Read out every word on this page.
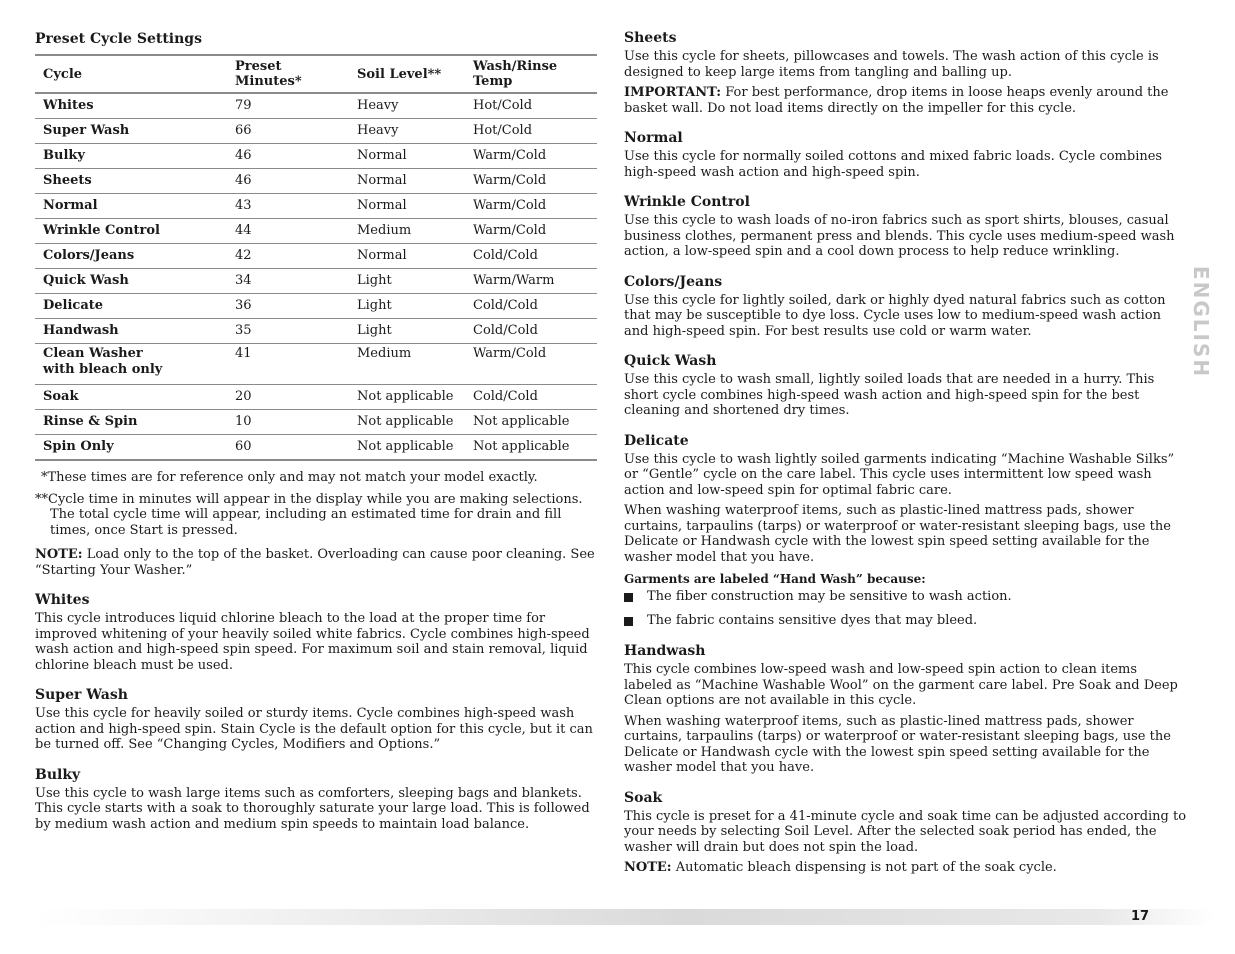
Preset Cycle Settings
Cycle	Preset Minutes*	Soil Level**	Wash/Rinse Temp
Whites	79	Heavy	Hot/Cold
Super Wash	66	Heavy	Hot/Cold
Bulky	46	Normal	Warm/Cold
Sheets	46	Normal	Warm/Cold
Normal	43	Normal	Warm/Cold
Wrinkle Control	44	Medium	Warm/Cold
Colors/Jeans	42	Normal	Cold/Cold
Quick Wash	34	Light	Warm/Warm
Delicate	36	Light	Cold/Cold
Handwash	35	Light	Cold/Cold
Clean Washer
with bleach only	41	Medium	Warm/Cold
Soak	20	Not applicable	Cold/Cold
Rinse & Spin	10	Not applicable	Not applicable
Spin Only	60	Not applicable	Not applicable

*These times are for reference only and may not match your model exactly.

**Cycle time in minutes will appear in the display while you are making selections. The total cycle time will appear, including an estimated time for drain and fill times, once Start is pressed.

NOTE: Load only to the top of the basket. Overloading can cause poor cleaning. See “Starting Your Washer.”

Whites

This cycle introduces liquid chlorine bleach to the load at the proper time for improved whitening of your heavily soiled white fabrics. Cycle combines high-speed wash action and high-speed spin speed. For maximum soil and stain removal, liquid chlorine bleach must be used.

Super Wash

Use this cycle for heavily soiled or sturdy items. Cycle combines high-speed wash action and high-speed spin. Stain Cycle is the default option for this cycle, but it can be turned off. See “Changing Cycles, Modifiers and Options.”

Bulky

Use this cycle to wash large items such as comforters, sleeping bags and blankets. This cycle starts with a soak to thoroughly saturate your large load. This is followed by medium wash action and medium spin speeds to maintain load balance.

Sheets

Use this cycle for sheets, pillowcases and towels. The wash action of this cycle is designed to keep large items from tangling and balling up.

IMPORTANT: For best performance, drop items in loose heaps evenly around the basket wall. Do not load items directly on the impeller for this cycle.

Normal

Use this cycle for normally soiled cottons and mixed fabric loads. Cycle combines high-speed wash action and high-speed spin.

Wrinkle Control

Use this cycle to wash loads of no-iron fabrics such as sport shirts, blouses, casual business clothes, permanent press and blends. This cycle uses medium-speed wash action, a low-speed spin and a cool down process to help reduce wrinkling.

Colors/Jeans

Use this cycle for lightly soiled, dark or highly dyed natural fabrics such as cotton that may be susceptible to dye loss. Cycle uses low to medium-speed wash action and high-speed spin. For best results use cold or warm water.

Quick Wash

Use this cycle to wash small, lightly soiled loads that are needed in a hurry. This short cycle combines high-speed wash action and high-speed spin for the best cleaning and shortened dry times.

Delicate

Use this cycle to wash lightly soiled garments indicating “Machine Washable Silks” or “Gentle” cycle on the care label. This cycle uses intermittent low speed wash action and low-speed spin for optimal fabric care.

When washing waterproof items, such as plastic-lined mattress pads, shower curtains, tarpaulins (tarps) or waterproof or water-resistant sleeping bags, use the Delicate or Handwash cycle with the lowest spin speed setting available for the washer model that you have.

Garments are labeled “Hand Wash” because:
The fiber construction may be sensitive to wash action.
The fabric contains sensitive dyes that may bleed.
Handwash

This cycle combines low-speed wash and low-speed spin action to clean items labeled as “Machine Washable Wool” on the garment care label. Pre Soak and Deep Clean options are not available in this cycle.

When washing waterproof items, such as plastic-lined mattress pads, shower curtains, tarpaulins (tarps) or waterproof or water-resistant sleeping bags, use the Delicate or Handwash cycle with the lowest spin speed setting available for the washer model that you have.

Soak

This cycle is preset for a 41-minute cycle and soak time can be adjusted according to your needs by selecting Soil Level. After the selected soak period has ended, the washer will drain but does not spin the load.

NOTE: Automatic bleach dispensing is not part of the soak cycle.

ENGLISH
17
